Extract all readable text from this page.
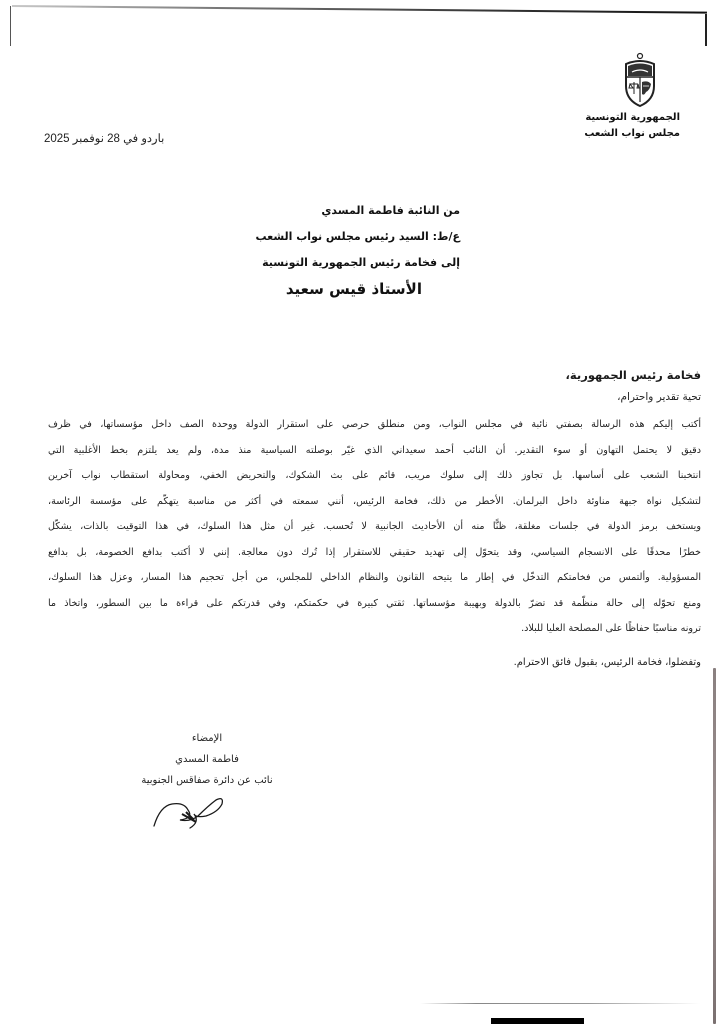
الجمهورية التونسية
مجلس نواب الشعب
باردو في 28 نوفمبر 2025
من النائبة فاطمة المسدي
ع/ط: السيد رئيس مجلس نواب الشعب
إلى فخامة رئيس الجمهورية التونسية
الأستاذ قيس سعيد
فخامة رئيس الجمهورية،
تحية تقدير واحترام،
أكتب إليكم هذه الرسالة بصفتي نائبة في مجلس النواب، ومن منطلق حرصي على استقرار الدولة ووحدة الصف داخل مؤسساتها، في ظرف
دقيق لا يحتمل التهاون أو سوء التقدير. أن النائب أحمد سعيداني الذي غيّر بوصلته السياسية منذ مدة، ولم يعد يلتزم بخط الأغلبية التي
انتخبنا الشعب على أساسها. بل تجاوز ذلك إلى سلوك مريب، قائم على بث الشكوك، والتحريض الخفي، ومحاولة استقطاب نواب آخرين
لتشكيل نواة جبهة مناوئة داخل البرلمان. الأخطر من ذلك، فخامة الرئيس، أنني سمعته في أكثر من مناسبة يتهكّم على مؤسسة الرئاسة،
ويستخف برمز الدولة في جلسات مغلقة، ظنًّا منه أن الأحاديث الجانبية لا تُحسب. غير أن مثل هذا السلوك، في هذا التوقيت بالذات، يشكّل
خطرًا محدقًا على الانسجام السياسي، وقد يتحوّل إلى تهديد حقيقي للاستقرار إذا تُرك دون معالجة. إنني لا أكتب بدافع الخصومة، بل بدافع
المسؤولية. وألتمس من فخامتكم التدخّل في إطار ما يتيحه القانون والنظام الداخلي للمجلس، من أجل تحجيم هذا المسار، وعزل هذا السلوك،
ومنع تحوّله إلى حالة منظّمة قد تضرّ بالدولة وبهيبة مؤسساتها. ثقتي كبيرة في حكمتكم، وفي قدرتكم على قراءة ما بين السطور، واتخاذ ما
ترونه مناسبًا حفاظًا على المصلحة العليا للبلاد.
وتفضلوا، فخامة الرئيس، بقبول فائق الاحترام.
الإمضاء
فاطمة المسدي
نائب عن دائرة صفاقس الجنوبية
